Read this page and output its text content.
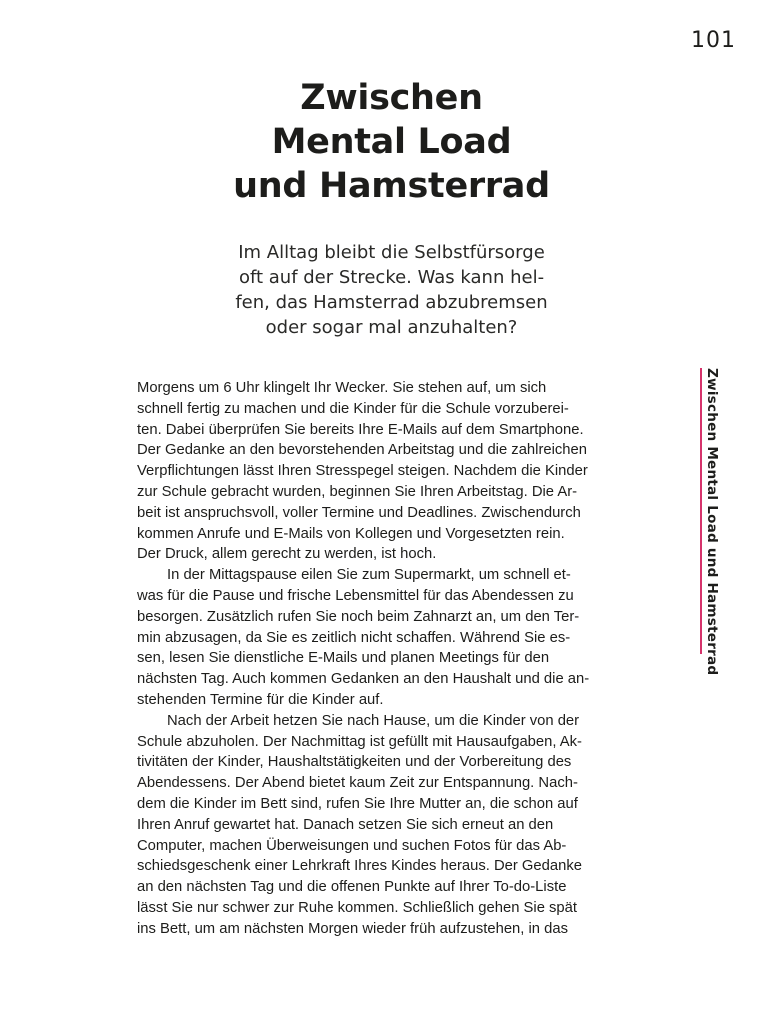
101
Zwischen
Mental Load
und Hamsterrad

Im Alltag bleibt die Selbstfürsorge
oft auf der Strecke. Was kann hel-
fen, das Hamsterrad abzubremsen
oder sogar mal anzuhalten?

Zwischen Mental Load und Hamsterrad
Morgens um 6 Uhr klingelt Ihr Wecker. Sie stehen auf, um sich
schnell fertig zu machen und die Kinder für die Schule vorzuberei-
ten. Dabei überprüfen Sie bereits Ihre E-Mails auf dem Smartphone.
Der Gedanke an den bevorstehenden Arbeitstag und die zahlreichen
Verpflichtungen lässt Ihren Stresspegel steigen. Nachdem die Kinder
zur Schule gebracht wurden, beginnen Sie Ihren Arbeitstag. Die Ar-
beit ist anspruchsvoll, voller Termine und Deadlines. Zwischendurch
kommen Anrufe und E-Mails von Kollegen und Vorgesetzten rein.
Der Druck, allem gerecht zu werden, ist hoch.
In der Mittagspause eilen Sie zum Supermarkt, um schnell et-
was für die Pause und frische Lebensmittel für das Abendessen zu
besorgen. Zusätzlich rufen Sie noch beim Zahnarzt an, um den Ter-
min abzusagen, da Sie es zeitlich nicht schaffen. Während Sie es-
sen, lesen Sie dienstliche E-Mails und planen Meetings für den
nächsten Tag. Auch kommen Gedanken an den Haushalt und die an-
stehenden Termine für die Kinder auf.
Nach der Arbeit hetzen Sie nach Hause, um die Kinder von der
Schule abzuholen. Der Nachmittag ist gefüllt mit Hausaufgaben, Ak-
tivitäten der Kinder, Haushaltstätigkeiten und der Vorbereitung des
Abendessens. Der Abend bietet kaum Zeit zur Entspannung. Nach-
dem die Kinder im Bett sind, rufen Sie Ihre Mutter an, die schon auf
Ihren Anruf gewartet hat. Danach setzen Sie sich erneut an den
Computer, machen Überweisungen und suchen Fotos für das Ab-
schiedsgeschenk einer Lehrkraft Ihres Kindes heraus. Der Gedanke
an den nächsten Tag und die offenen Punkte auf Ihrer To-do-Liste
lässt Sie nur schwer zur Ruhe kommen. Schließlich gehen Sie spät
ins Bett, um am nächsten Morgen wieder früh aufzustehen, in das
